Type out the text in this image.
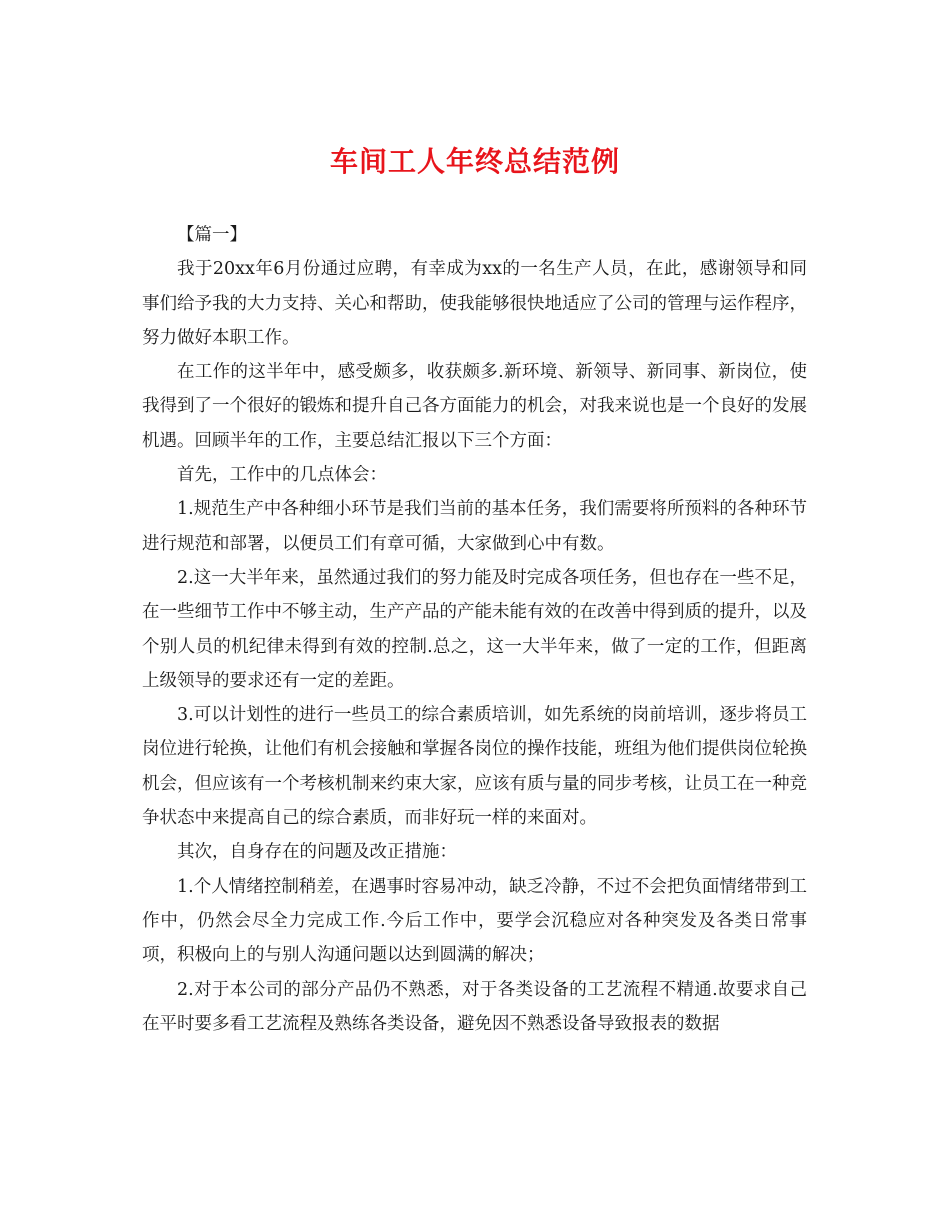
车间工人年终总结范例

【篇一】

我于20xx年6月份通过应聘，有幸成为xx的一名生产人员，在此，感谢领导和同事们给予我的大力支持、关心和帮助，使我能够很快地适应了公司的管理与运作程序，努力做好本职工作。

在工作的这半年中，感受颇多，收获颇多.新环境、新领导、新同事、新岗位，使我得到了一个很好的锻炼和提升自己各方面能力的机会，对我来说也是一个良好的发展机遇。回顾半年的工作，主要总结汇报以下三个方面：

首先，工作中的几点体会：

1.规范生产中各种细小环节是我们当前的基本任务，我们需要将所预料的各种环节进行规范和部署，以便员工们有章可循，大家做到心中有数。

2.这一大半年来，虽然通过我们的努力能及时完成各项任务，但也存在一些不足，在一些细节工作中不够主动，生产产品的产能未能有效的在改善中得到质的提升，以及个别人员的机纪律未得到有效的控制.总之，这一大半年来，做了一定的工作，但距离上级领导的要求还有一定的差距。

3.可以计划性的进行一些员工的综合素质培训，如先系统的岗前培训，逐步将员工岗位进行轮换，让他们有机会接触和掌握各岗位的操作技能，班组为他们提供岗位轮换机会，但应该有一个考核机制来约束大家，应该有质与量的同步考核，让员工在一种竞争状态中来提高自己的综合素质，而非好玩一样的来面对。

其次，自身存在的问题及改正措施：

1.个人情绪控制稍差，在遇事时容易冲动，缺乏冷静，不过不会把负面情绪带到工作中，仍然会尽全力完成工作.今后工作中，要学会沉稳应对各种突发及各类日常事项，积极向上的与别人沟通问题以达到圆满的解决；

2.对于本公司的部分产品仍不熟悉，对于各类设备的工艺流程不精通.故要求自己在平时要多看工艺流程及熟练各类设备，避免因不熟悉设备导致报表的数据
